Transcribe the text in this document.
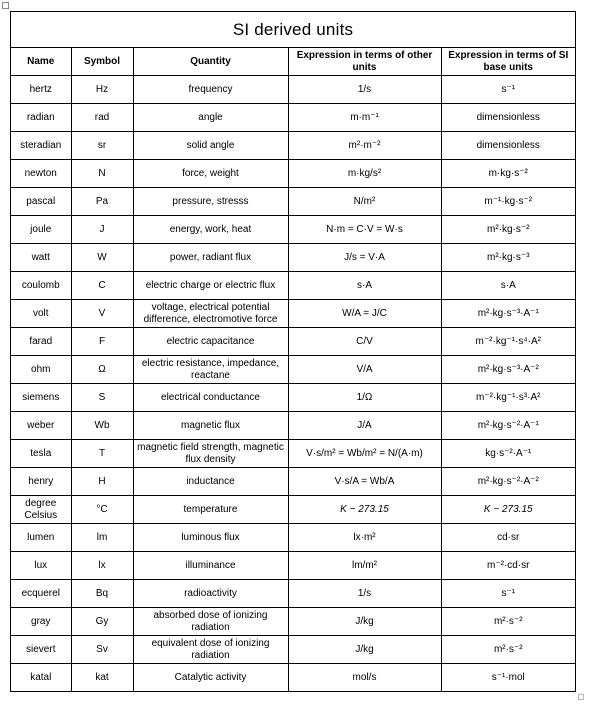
SI derived units
Name	Symbol	Quantity	Expression in terms of other units	Expression in terms of SI base units
hertz	Hz	frequency	1/s	s⁻¹
radian	rad	angle	m·m⁻¹	dimensionless
steradian	sr	solid angle	m²·m⁻²	dimensionless
newton	N	force, weight	m·kg/s²	m·kg·s⁻²
pascal	Pa	pressure, stresss	N/m²	m⁻¹·kg·s⁻²
joule	J	energy, work, heat	N·m = C·V = W·s	m²·kg·s⁻²
watt	W	power, radiant flux	J/s = V·A	m²·kg·s⁻³
coulomb	C	electric charge or electric flux	s·A	s·A
volt	V	voltage, electrical potential difference, electromotive force	W/A = J/C	m²·kg·s⁻³·A⁻¹
farad	F	electric capacitance	C/V	m⁻²·kg⁻¹·s⁴·A²
ohm	Ω	electric resistance, impedance, reactane	V/A	m²·kg·s⁻³·A⁻²
siemens	S	electrical conductance	1/Ω	m⁻²·kg⁻¹·s³·A²
weber	Wb	magnetic flux	J/A	m²·kg·s⁻²·A⁻¹
tesla	T	magnetic field strength, magnetic flux density	V·s/m² = Wb/m² = N/(A·m)	kg·s⁻²·A⁻¹
henry	H	inductance	V·s/A = Wb/A	m²·kg·s⁻²·A⁻²
degree Celsius	°C	temperature	K − 273.15	K − 273.15
lumen	lm	luminous flux	lx·m²	cd·sr
lux	lx	illuminance	lm/m²	m⁻²·cd·sr
ecquerel	Bq	radioactivity	1/s	s⁻¹
gray	Gy	absorbed dose of ionizing radiation	J/kg	m²·s⁻²
sievert	Sv	equivalent dose of ionizing radiation	J/kg	m²·s⁻²
katal	kat	Catalytic activity	mol/s	s⁻¹·mol
